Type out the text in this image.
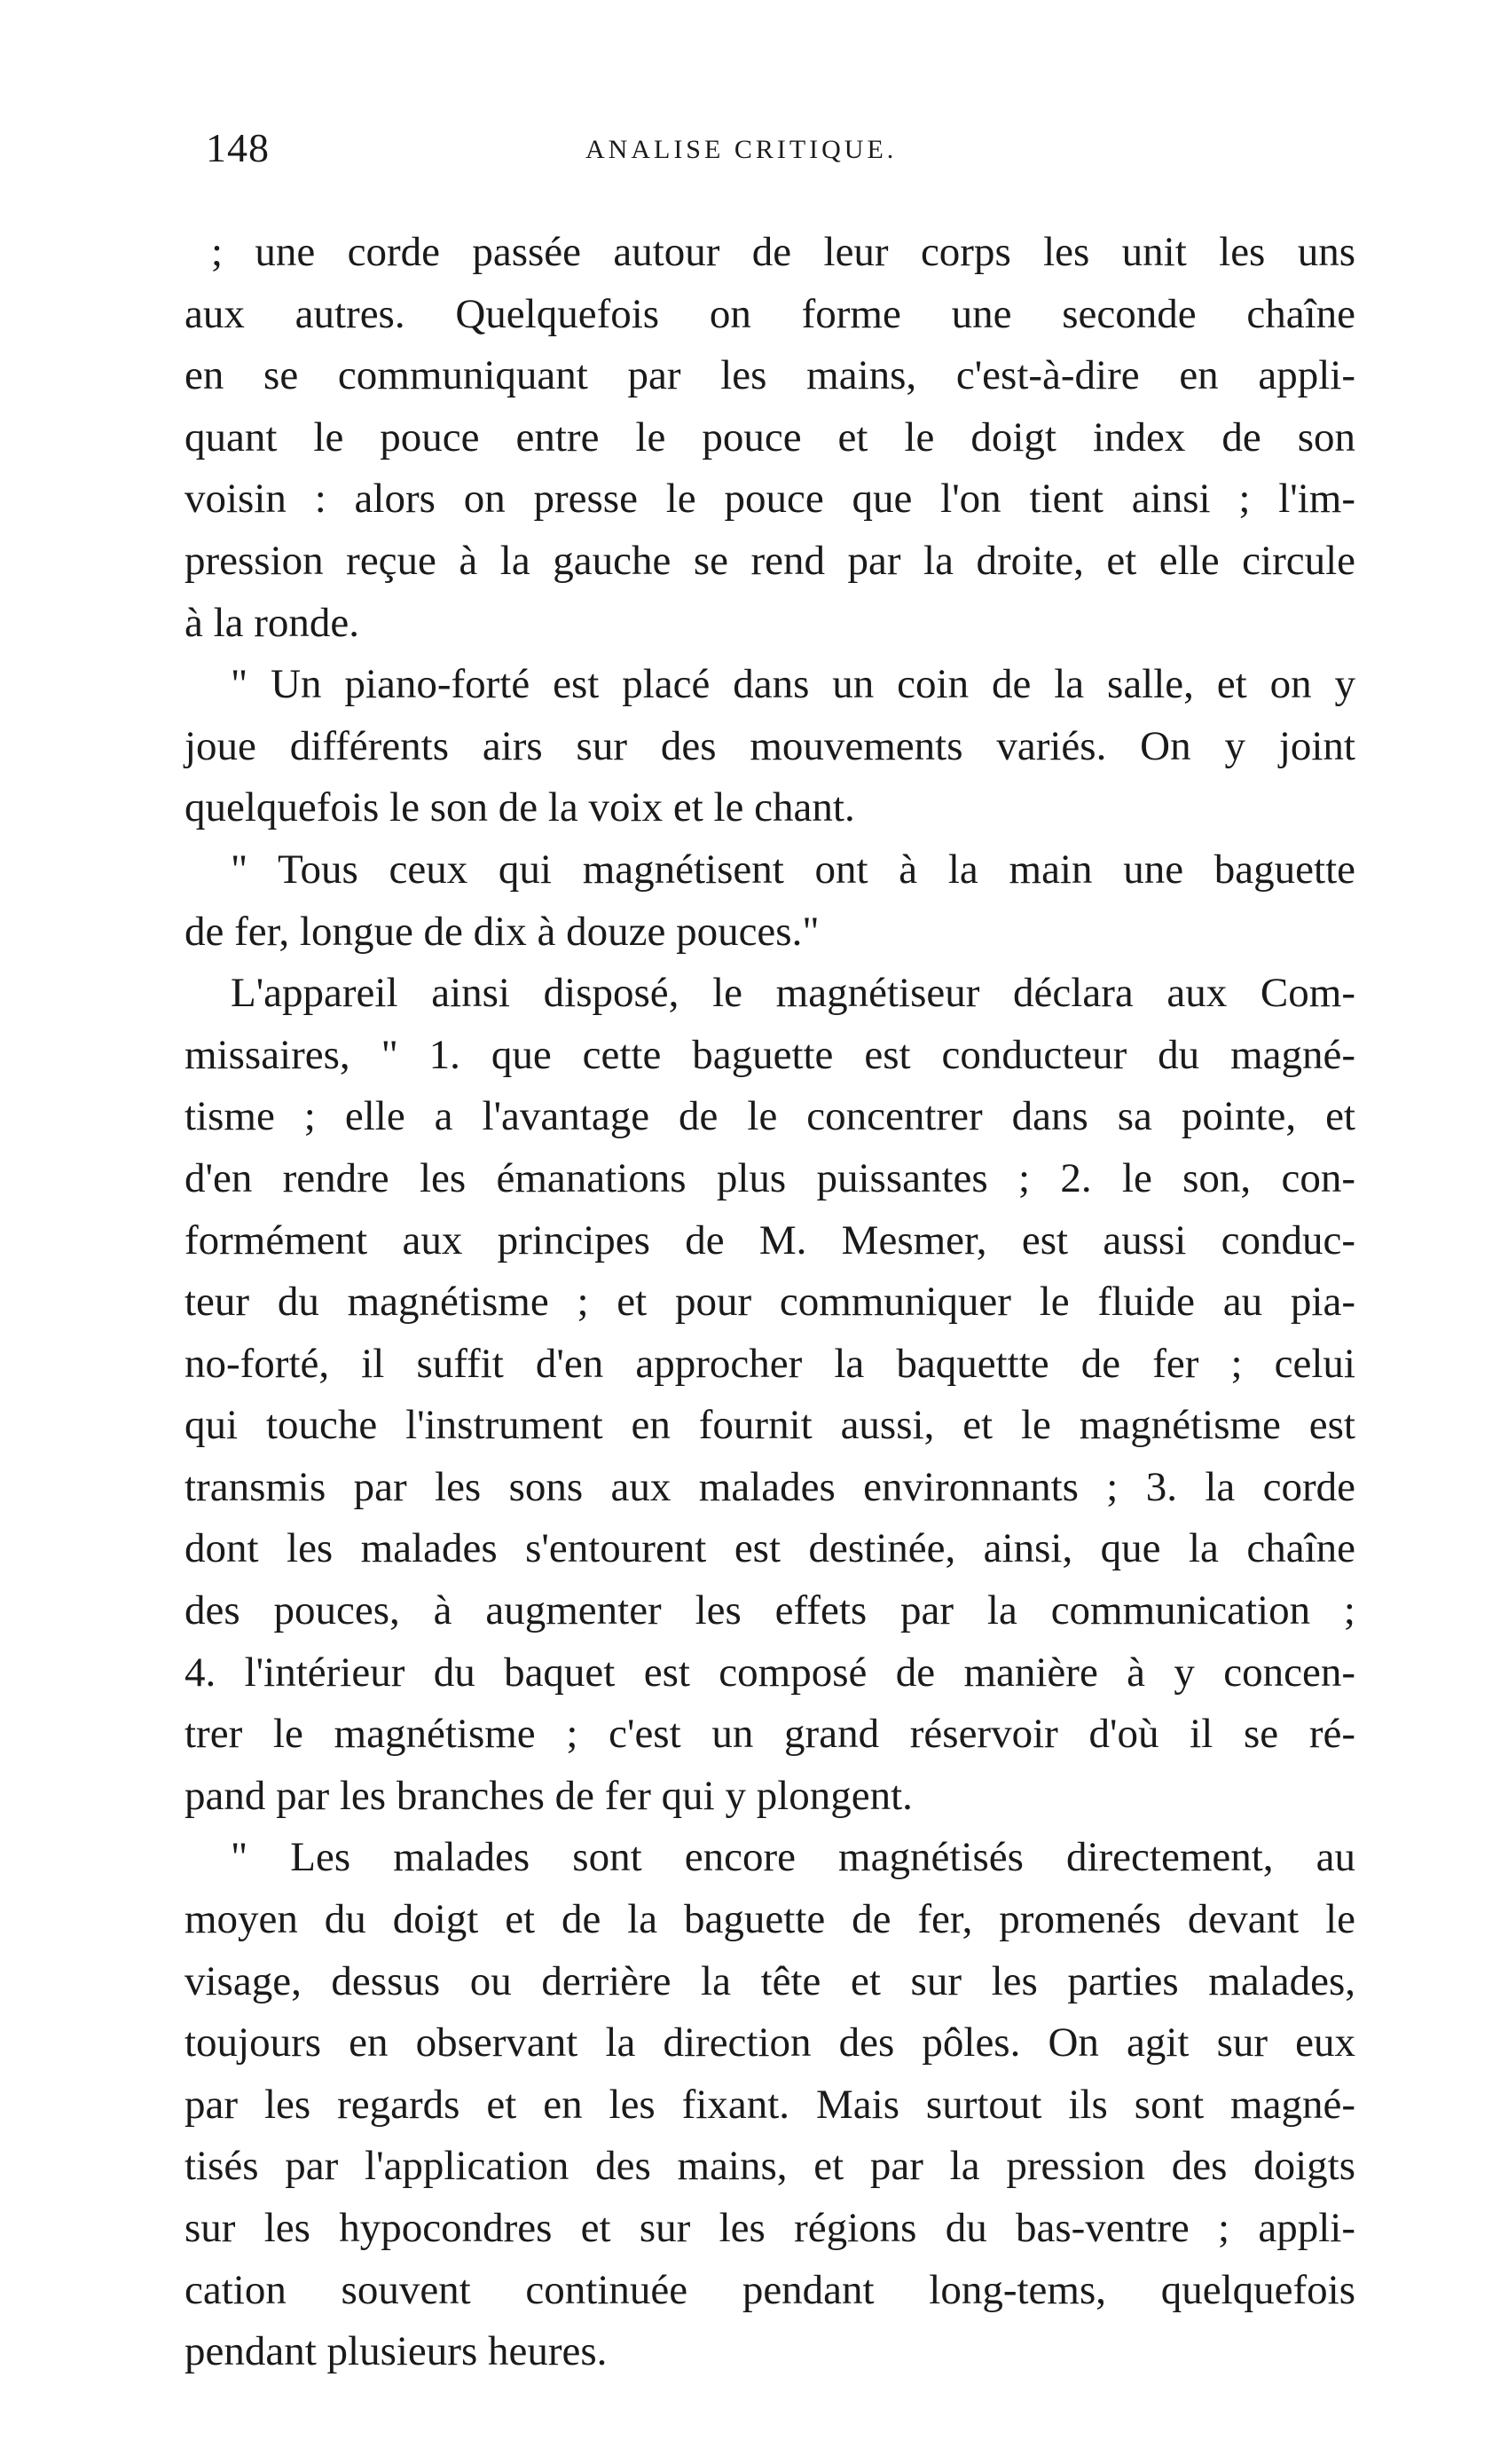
148	ANALISE CRITIQUE.
; une corde passée autour de leur corps les unit les uns
aux autres. Quelquefois on forme une seconde chaîne
en se communiquant par les mains, c'est-à-dire en appli-
quant le pouce entre le pouce et le doigt index de son
voisin : alors on presse le pouce que l'on tient ainsi ; l'im-
pression reçue à la gauche se rend par la droite, et elle circule
à la ronde.
" Un piano-forté est placé dans un coin de la salle, et on y
joue différents airs sur des mouvements variés. On y joint
quelquefois le son de la voix et le chant.
" Tous ceux qui magnétisent ont à la main une baguette
de fer, longue de dix à douze pouces."
L'appareil ainsi disposé, le magnétiseur déclara aux Com-
missaires, " 1. que cette baguette est conducteur du magné-
tisme ; elle a l'avantage de le concentrer dans sa pointe, et
d'en rendre les émanations plus puissantes ; 2. le son, con-
formément aux principes de M. Mesmer, est aussi conduc-
teur du magnétisme ; et pour communiquer le fluide au pia-
no-forté, il suffit d'en approcher la baquettte de fer ; celui
qui touche l'instrument en fournit aussi, et le magnétisme est
transmis par les sons aux malades environnants ; 3. la corde
dont les malades s'entourent est destinée, ainsi, que la chaîne
des pouces, à augmenter les effets par la communication ;
4. l'intérieur du baquet est composé de manière à y concen-
trer le magnétisme ; c'est un grand réservoir d'où il se ré-
pand par les branches de fer qui y plongent.
" Les malades sont encore magnétisés directement, au
moyen du doigt et de la baguette de fer, promenés devant le
visage, dessus ou derrière la tête et sur les parties malades,
toujours en observant la direction des pôles. On agit sur eux
par les regards et en les fixant. Mais surtout ils sont magné-
tisés par l'application des mains, et par la pression des doigts
sur les hypocondres et sur les régions du bas-ventre ; appli-
cation souvent continuée pendant long-tems, quelquefois
pendant plusieurs heures.
